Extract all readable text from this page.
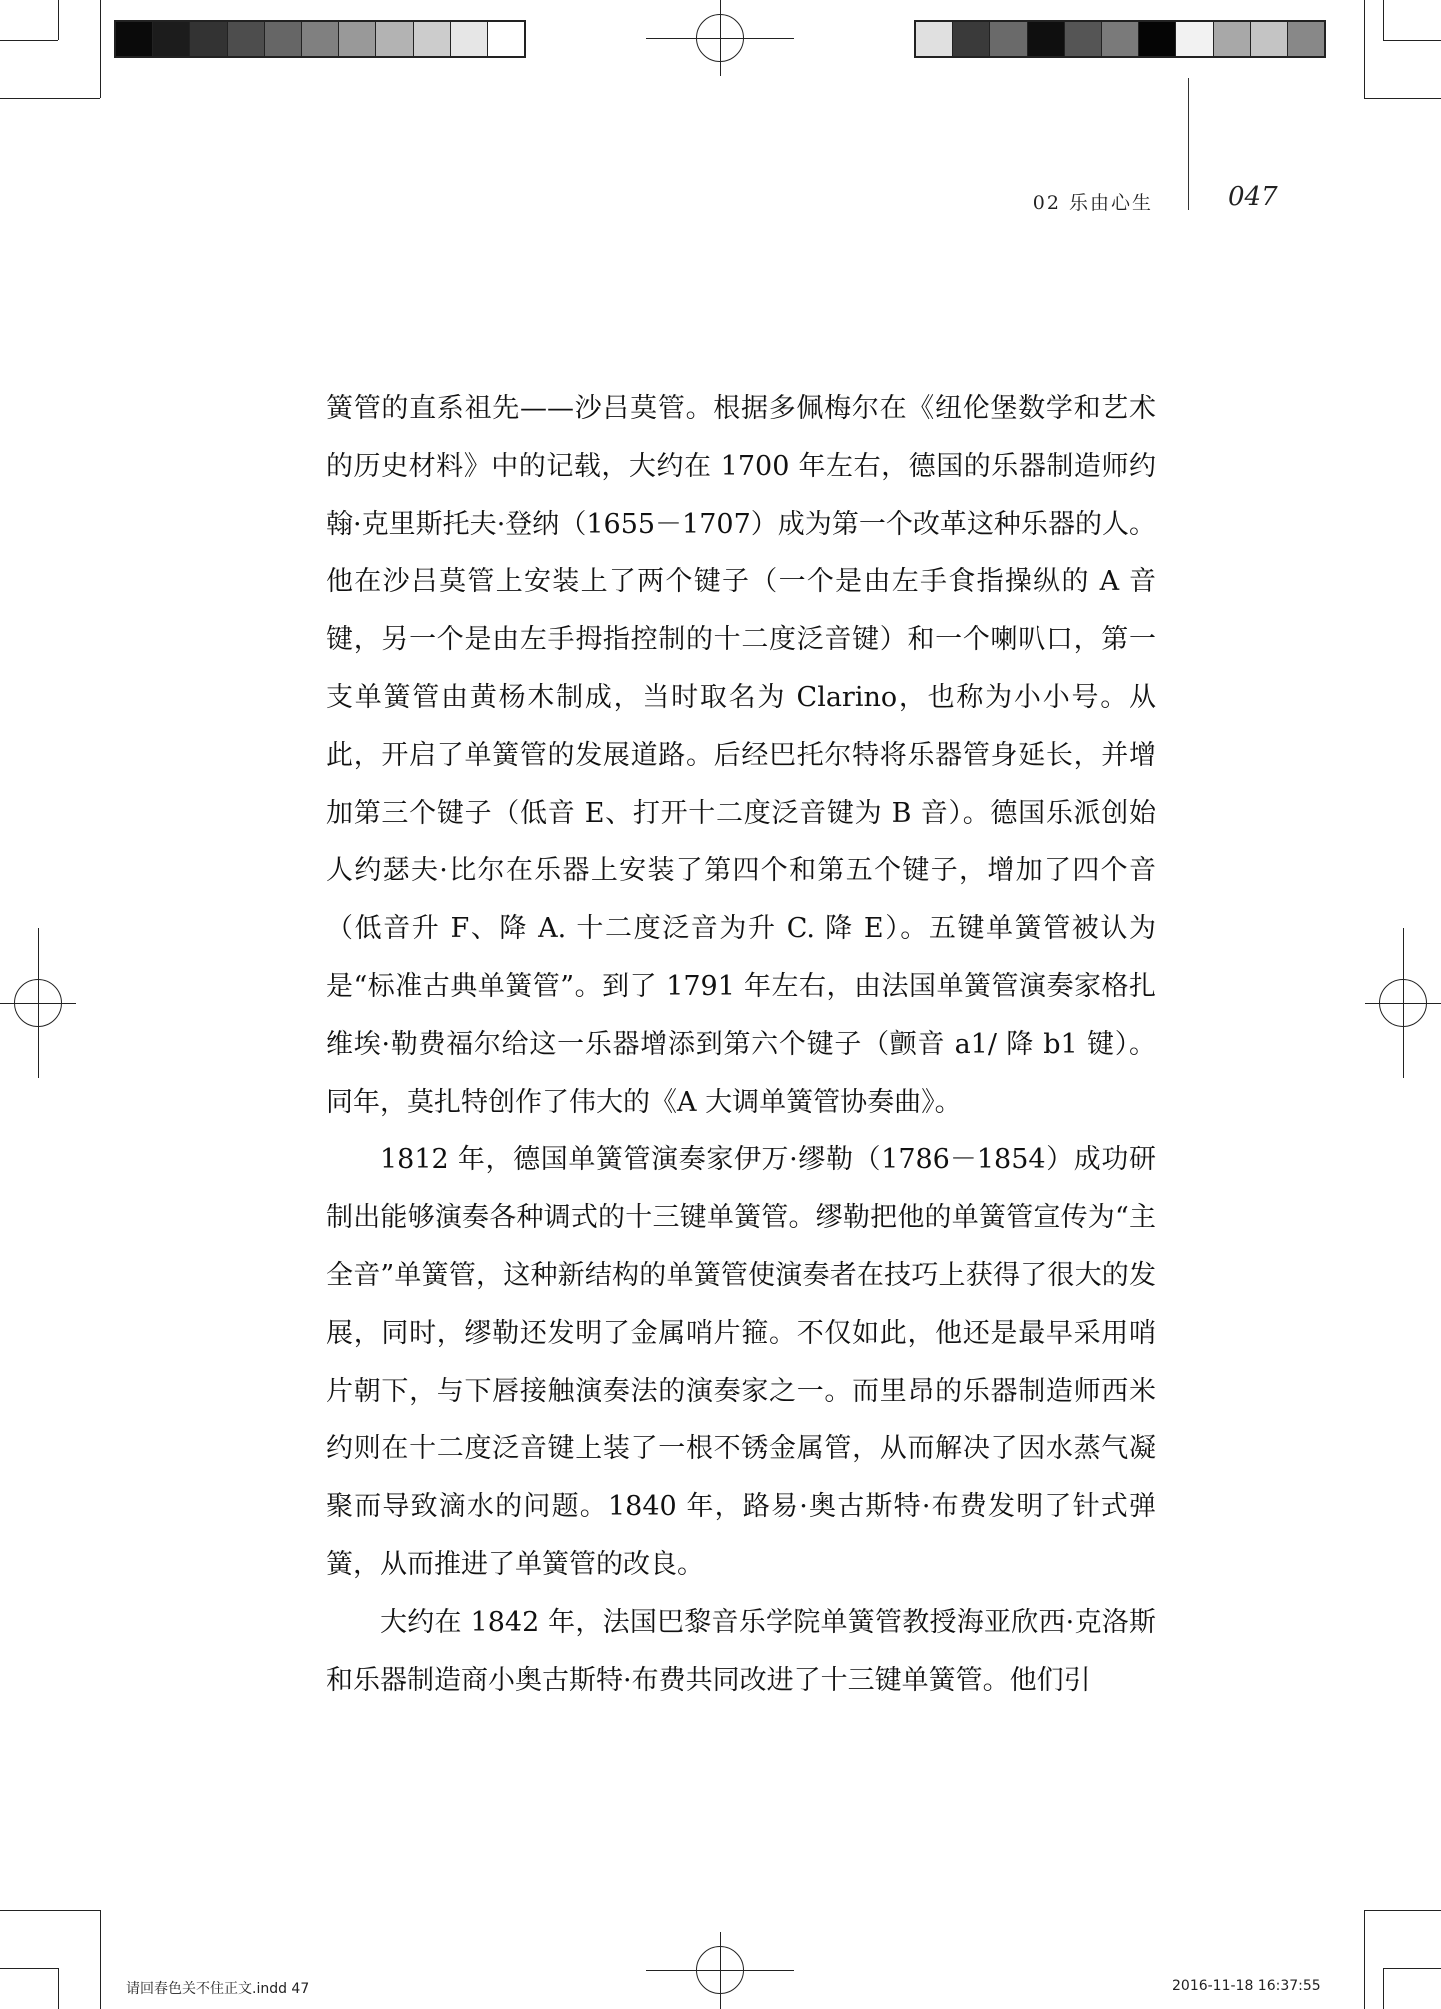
02 乐由心生	047

簧管的直系祖先——沙吕莫管。根据多佩梅尔在《纽伦堡数学和艺术的历史材料》中的记载，大约在 1700 年左右，德国的乐器制造师约翰·克里斯托夫·登纳（1655－1707）成为第一个改革这种乐器的人。他在沙吕莫管上安装上了两个键子（一个是由左手食指操纵的 A 音键，另一个是由左手拇指控制的十二度泛音键）和一个喇叭口，第一支单簧管由黄杨木制成，当时取名为 Clarino，也称为小小号。从此，开启了单簧管的发展道路。后经巴托尔特将乐器管身延长，并增加第三个键子（低音 E、打开十二度泛音键为 B 音）。德国乐派创始人约瑟夫·比尔在乐器上安装了第四个和第五个键子，增加了四个音（低音升 F、降 A. 十二度泛音为升 C. 降 E）。五键单簧管被认为是“标准古典单簧管”。到了 1791 年左右，由法国单簧管演奏家格扎维埃·勒费福尔给这一乐器增添到第六个键子（颤音 a1/ 降 b1 键）。同年，莫扎特创作了伟大的《A 大调单簧管协奏曲》。

1812 年，德国单簧管演奏家伊万·缪勒（1786－1854）成功研制出能够演奏各种调式的十三键单簧管。缪勒把他的单簧管宣传为“主全音”单簧管，这种新结构的单簧管使演奏者在技巧上获得了很大的发展，同时，缪勒还发明了金属哨片箍。不仅如此，他还是最早采用哨片朝下，与下唇接触演奏法的演奏家之一。而里昂的乐器制造师西米约则在十二度泛音键上装了一根不锈金属管，从而解决了因水蒸气凝聚而导致滴水的问题。1840 年，路易·奥古斯特·布费发明了针式弹簧，从而推进了单簧管的改良。

大约在 1842 年，法国巴黎音乐学院单簧管教授海亚欣西·克洛斯和乐器制造商小奥古斯特·布费共同改进了十三键单簧管。他们引

请回春色关不住正文.indd 47	2016-11-18 16:37:55
